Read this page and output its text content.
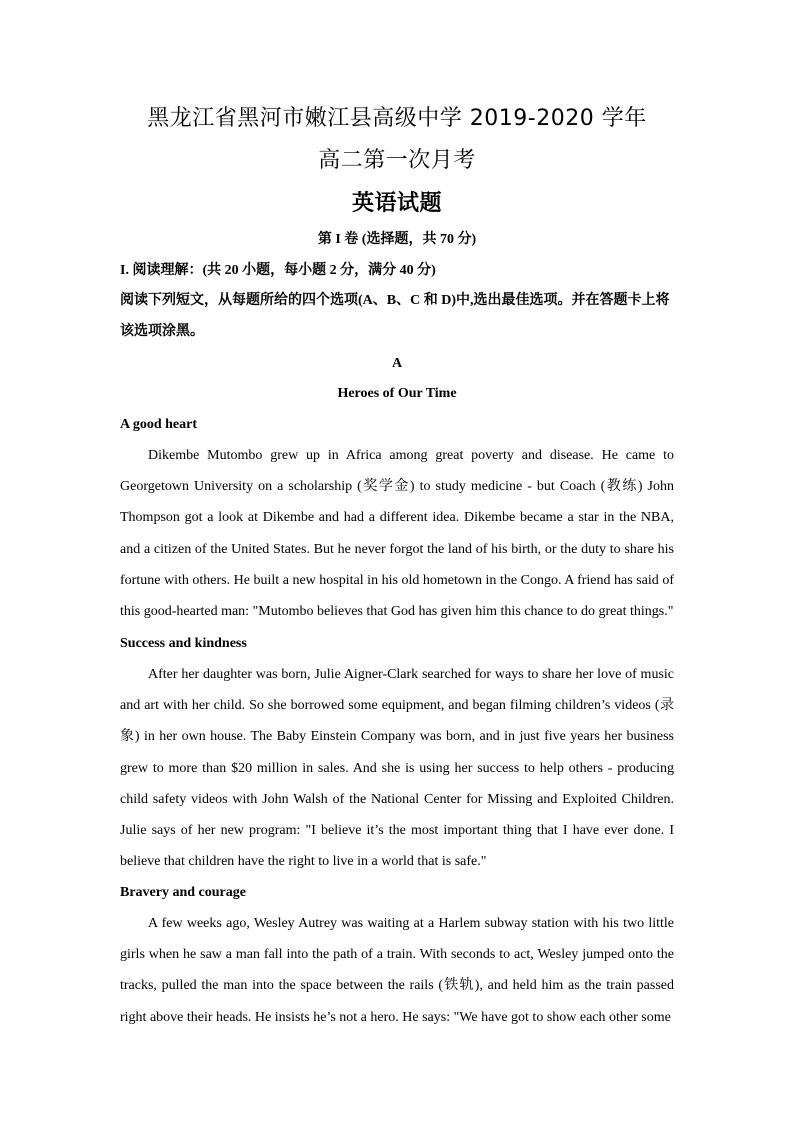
黑龙江省黑河市嫩江县高级中学 2019-2020 学年
高二第一次月考
英语试题
第 I 卷 (选择题，共 70 分)
I. 阅读理解：(共 20 小题，每小题 2 分，满分 40 分)
阅读下列短文，从每题所给的四个选项(A、B、C 和 D)中,选出最佳选项。并在答题卡上将该选项涂黑。
A
Heroes of Our Time
A good heart

Dikembe Mutombo grew up in Africa among great poverty and disease. He came to Georgetown University on a scholarship (奖学金) to study medicine - but Coach (教练) John Thompson got a look at Dikembe and had a different idea. Dikembe became a star in the NBA, and a citizen of the United States. But he never forgot the land of his birth, or the duty to share his fortune with others. He built a new hospital in his old hometown in the Congo. A friend has said of this good-hearted man: "Mutombo believes that God has given him this chance to do great things."

Success and kindness

After her daughter was born, Julie Aigner-Clark searched for ways to share her love of music and art with her child. So she borrowed some equipment, and began filming children’s videos (录象) in her own house. The Baby Einstein Company was born, and in just five years her business grew to more than $20 million in sales. And she is using her success to help others - producing child safety videos with John Walsh of the National Center for Missing and Exploited Children. Julie says of her new program: "I believe it’s the most important thing that I have ever done. I believe that children have the right to live in a world that is safe."

Bravery and courage

A few weeks ago, Wesley Autrey was waiting at a Harlem subway station with his two little girls when he saw a man fall into the path of a train. With seconds to act, Wesley jumped onto the tracks, pulled the man into the space between the rails (铁轨), and held him as the train passed right above their heads. He insists he’s not a hero. He says: "We have got to show each other some
